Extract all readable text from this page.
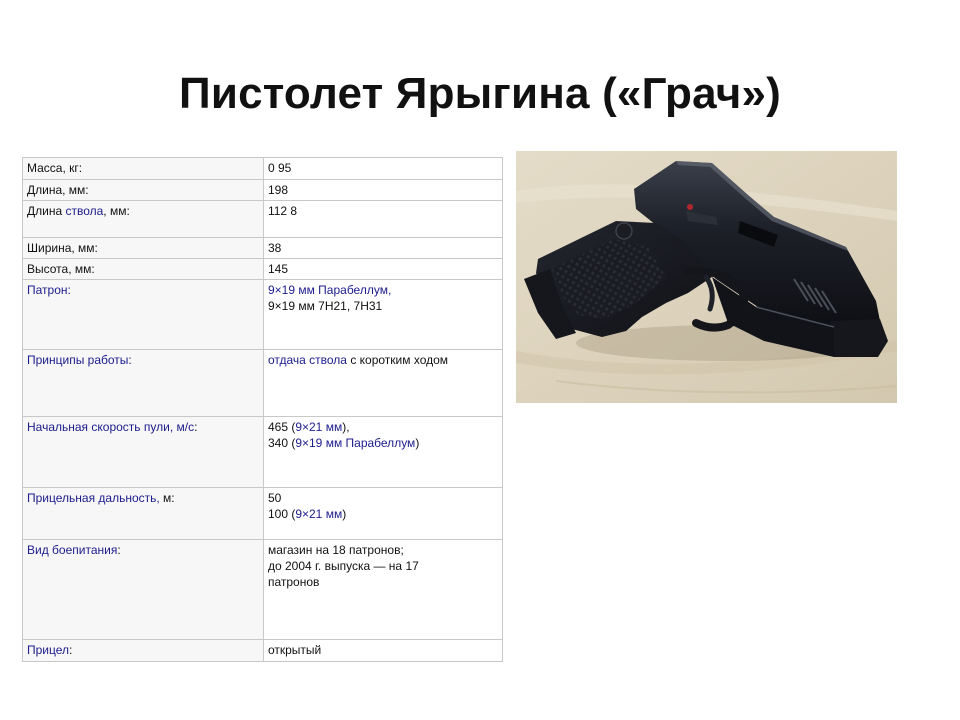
Пистолет Ярыгина («Грач»)
Масса, кг:	0 95
Длина, мм:	198
Длина ствола, мм:	112 8
Ширина, мм:	38
Высота, мм:	145
Патрон:	9×19 мм Парабеллум,
9×19 мм 7Н21, 7Н31

Принципы работы:	отдача ствола с коротким ходом
Начальная скорость пули, м/с:	465 (9×21 мм),
340 (9×19 мм Парабеллум)

Прицельная дальность, м:	50
100 (9×21 мм)

Вид боепитания:	магазин на 18 патронов;
до 2004 г. выпуска — на 17
патронов

Прицел:	открытый
